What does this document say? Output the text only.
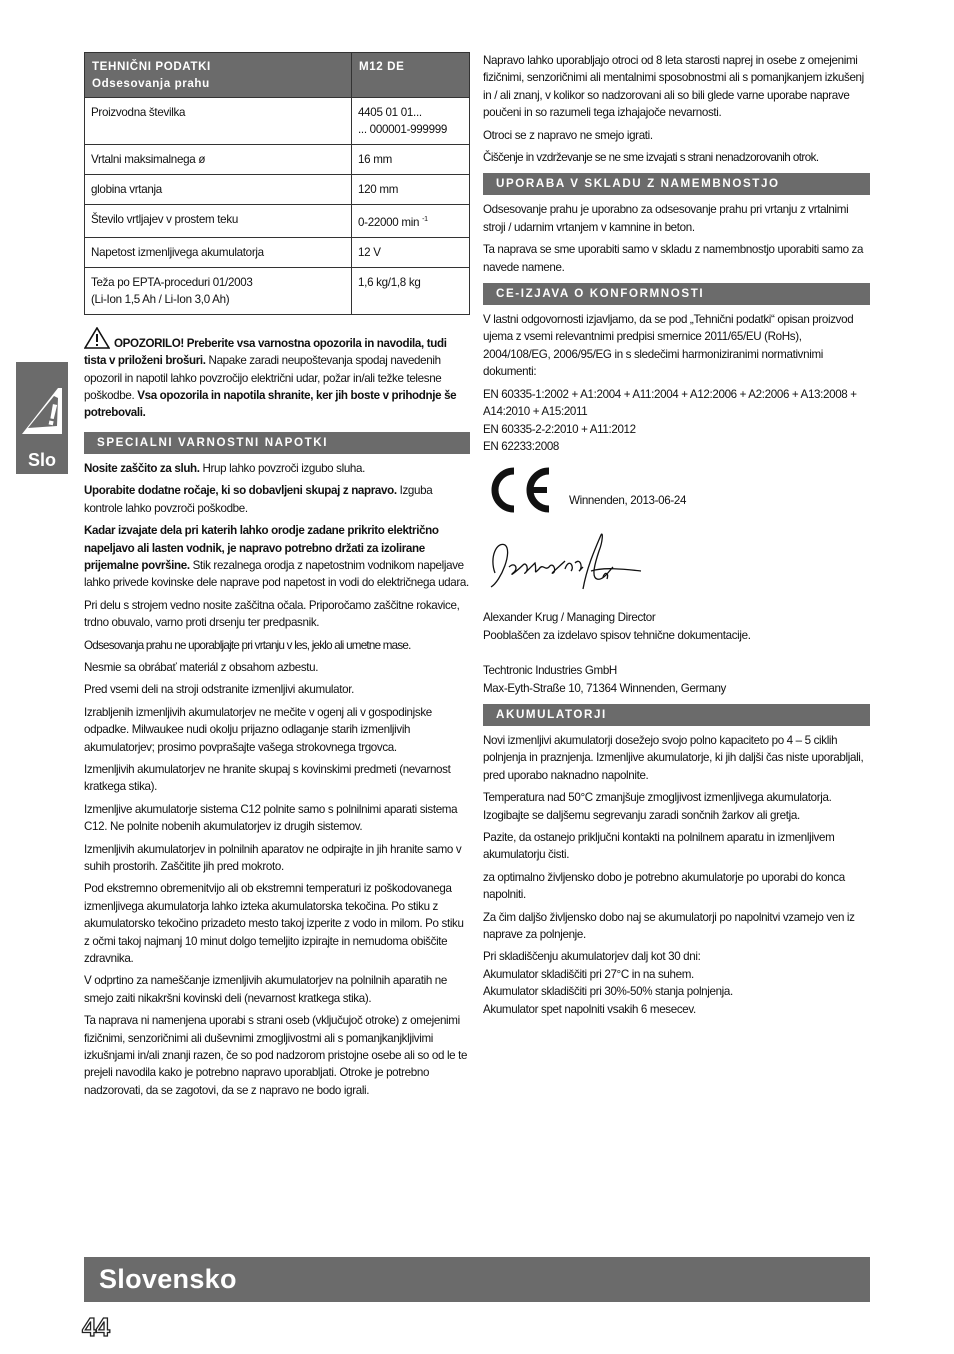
!
Slo
TEHNIČNI PODATKI
Odsesovanja prahu	M12 DE
Proizvodna številka	4405 01 01...
... 000001-999999

Vrtalni maksimalnega ø	16 mm
globina vrtanja	120 mm
Število vrtljajev v prostem teku	0-22000 min $^{-1}$
Napetost izmenljivega akumulatorja	12 V

Teža po EPTA-proceduri 01/2003
(Li-Ion 1,5 Ah / Li-Ion 3,0 Ah)	1,6 kg/1,8 kg
OPOZORILO! Preberite vsa varnostna opozorila in navodila, tudi tista v priloženi brošuri. Napake zaradi neupoštevanja spodaj navedenih opozoril in napotil lahko povzročijo električni udar, požar in/ali težke telesne poškodbe. Vsa opozorila in napotila shranite, ker jih boste v prihodnje še potrebovali.
SPECIALNI VARNOSTNI NAPOTKI

Nosite zaščito za sluh. Hrup lahko povzroči izgubo sluha.

Uporabite dodatne ročaje, ki so dobavljeni skupaj z napravo. Izguba kontrole lahko povzroči poškodbe.

Kadar izvajate dela pri katerih lahko orodje zadane prikrito električno napeljavo ali lasten vodnik, je napravo potrebno držati za izolirane prijemalne površine. Stik rezalnega orodja z napetostnim vodnikom napeljave lahko privede kovinske dele naprave pod napetost in vodi do električnega udara.

Pri delu s strojem vedno nosite zaščitna očala. Priporočamo zaščitne rokavice, trdno obuvalo, varno proti drsenju ter predpasnik.

Odsesovanja prahu ne uporabljajte pri vrtanju v les, jeklo ali umetne mase.

Nesmie sa obrábať materiál z obsahom azbestu.

Pred vsemi deli na stroji odstranite izmenljivi akumulator.

Izrabljenih izmenljivih akumulatorjev ne mečite v ogenj ali v gospodinjske odpadke. Milwaukee nudi okolju prijazno odlaganje starih izmenljivih akumulatorjev; prosimo povprašajte vašega strokovnega trgovca.

Izmenljivih akumulatorjev ne hranite skupaj s kovinskimi predmeti (nevarnost kratkega stika).

Izmenljive akumulatorje sistema C12 polnite samo s polnilnimi aparati sistema C12. Ne polnite nobenih akumulatorjev iz drugih sistemov.

Izmenljivih akumulatorjev in polnilnih aparatov ne odpirajte in jih hranite samo v suhih prostorih. Zaščitite jih pred mokroto.

Pod ekstremno obremenitvijo ali ob ekstremni temperaturi iz poškodovanega izmenljivega akumulatorja lahko izteka akumulatorska tekočina. Po stiku z akumulatorsko tekočino prizadeto mesto takoj izperite z vodo in milom. Po stiku z očmi takoj najmanj 10 minut dolgo temeljito izpirajte in nemudoma obiščite zdravnika.

V odprtino za nameščanje izmenljivih akumulatorjev na polnilnih aparatih ne smejo zaiti nikakršni kovinski deli (nevarnost kratkega stika).

Ta naprava ni namenjena uporabi s strani oseb (vključujoč otroke) z omejenimi fizičnimi, senzoričnimi ali duševnimi zmogljivostmi ali s pomanjkanjkljivimi izkušnjami in/ali znanji razen, če so pod nadzorom pristojne osebe ali so od le te prejeli navodila kako je potrebno napravo uporabljati. Otroke je potrebno nadzorovati, da se zagotovi, da se z napravo ne bodo igrali.

Napravo lahko uporabljajo otroci od 8 leta starosti naprej in osebe z omejenimi fizičnimi, senzoričnimi ali mentalnimi sposobnostmi ali s pomanjkanjem izkušenj in / ali znanj, v kolikor so nadzorovani ali so bili glede varne uporabe naprave poučeni in so razumeli tega izhajajoče nevarnosti.

Otroci se z napravo ne smejo igrati.

Čiščenje in vzdrževanje se ne sme izvajati s strani nenadzorovanih otrok.

UPORABA V SKLADU Z NAMEMBNOSTJO

Odsesovanje prahu je uporabno za odsesovanje prahu pri vrtanju z vrtalnimi stroji / udarnim vrtanjem v kamnine in beton.

Ta naprava se sme uporabiti samo v skladu z namembnostjo uporabiti samo za navede namene.

CE-IZJAVA O KONFORMNOSTI

V lastni odgovornosti izjavljamo, da se pod „Tehnični podatki“ opisan proizvod ujema z vsemi relevantnimi predpisi smernice 2011/65/EU (RoHs), 2004/108/EG, 2006/95/EG in s sledečimi harmoniziranimi normativnimi dokumenti:

EN 60335-1:2002 + A1:2004 + A11:2004 + A12:2006 + A2:2006 + A13:2008 + A14:2010 + A15:2011
EN 60335-2-2:2010 + A11:2012
EN 62233:2008

Winnenden, 2013-06-24

Alexander Krug / Managing Director
Pooblaščen za izdelavo spisov tehnične dokumentacije.

Techtronic Industries GmbH
Max-Eyth-Straße 10, 71364 Winnenden, Germany

AKUMULATORJI

Novi izmenljivi akumulatorji dosežejo svojo polno kapaciteto po 4 – 5 ciklih polnjenja in praznjenja. Izmenljive akumulatorje, ki jih daljši čas niste uporabljali, pred uporabo naknadno napolnite.

Temperatura nad 50°C zmanjšuje zmogljivost izmenljivega akumulatorja. Izogibajte se daljšemu segrevanju zaradi sončnih žarkov ali gretja.

Pazite, da ostanejo priključni kontakti na polnilnem aparatu in izmenljivem akumulatorju čisti.

za optimalno življensko dobo je potrebno akumulatorje po uporabi do konca napolniti.

Za čim daljšo življensko dobo naj se akumulatorji po napolnitvi vzamejo ven iz naprave za polnjenje.

Pri skladiščenju akumulatorjev dalj kot 30 dni:
Akumulator skladiščiti pri 27°C in na suhem.
Akumulator skladiščiti pri 30%-50% stanja polnjenja.
Akumulator spet napolniti vsakih 6 mesecev.

Slovensko
44
